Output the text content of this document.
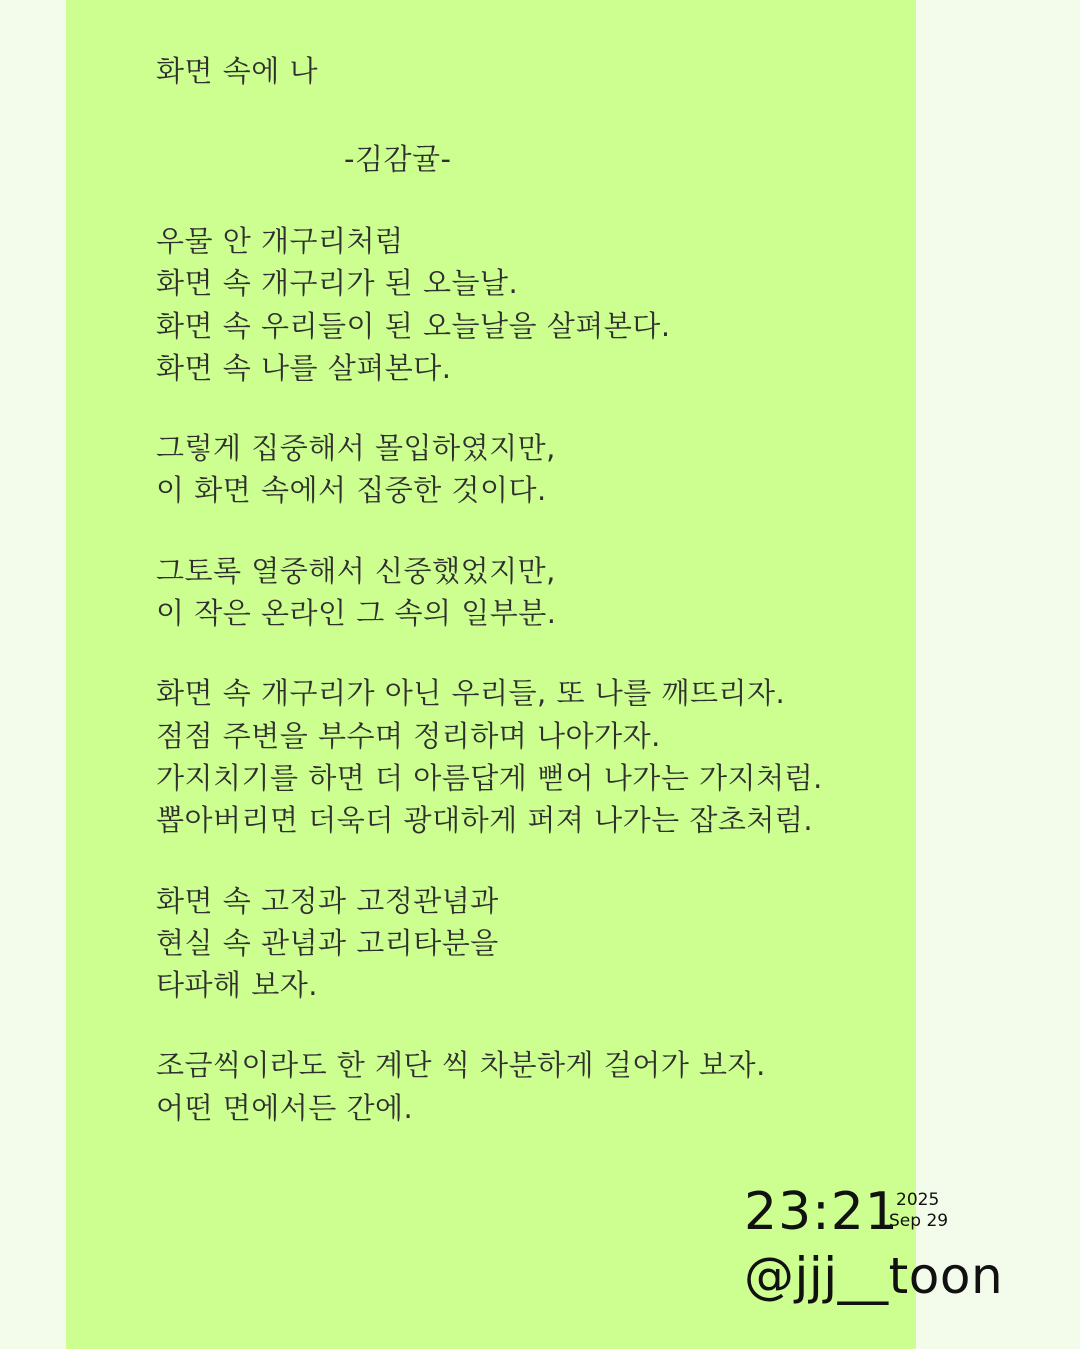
화면 속에 나
-김감귤-
우물 안 개구리처럼
화면 속 개구리가 된 오늘날.
화면 속 우리들이 된 오늘날을 살펴본다.
화면 속 나를 살펴본다.
그렇게 집중해서 몰입하였지만,
이 화면 속에서 집중한 것이다.
그토록 열중해서 신중했었지만,
이 작은 온라인 그 속의 일부분.
화면 속 개구리가 아닌 우리들, 또 나를 깨뜨리자.
점점 주변을 부수며 정리하며 나아가자.
가지치기를 하면 더 아름답게 뻗어 나가는 가지처럼.
뽑아버리면 더욱더 광대하게 퍼져 나가는 잡초처럼.
화면 속 고정과 고정관념과
현실 속 관념과 고리타분을
타파해 보자.
조금씩이라도 한 계단 씩 차분하게 걸어가 보자.
어떤 면에서든 간에.
23:21
2025
Sep 29
@jjj__toon
